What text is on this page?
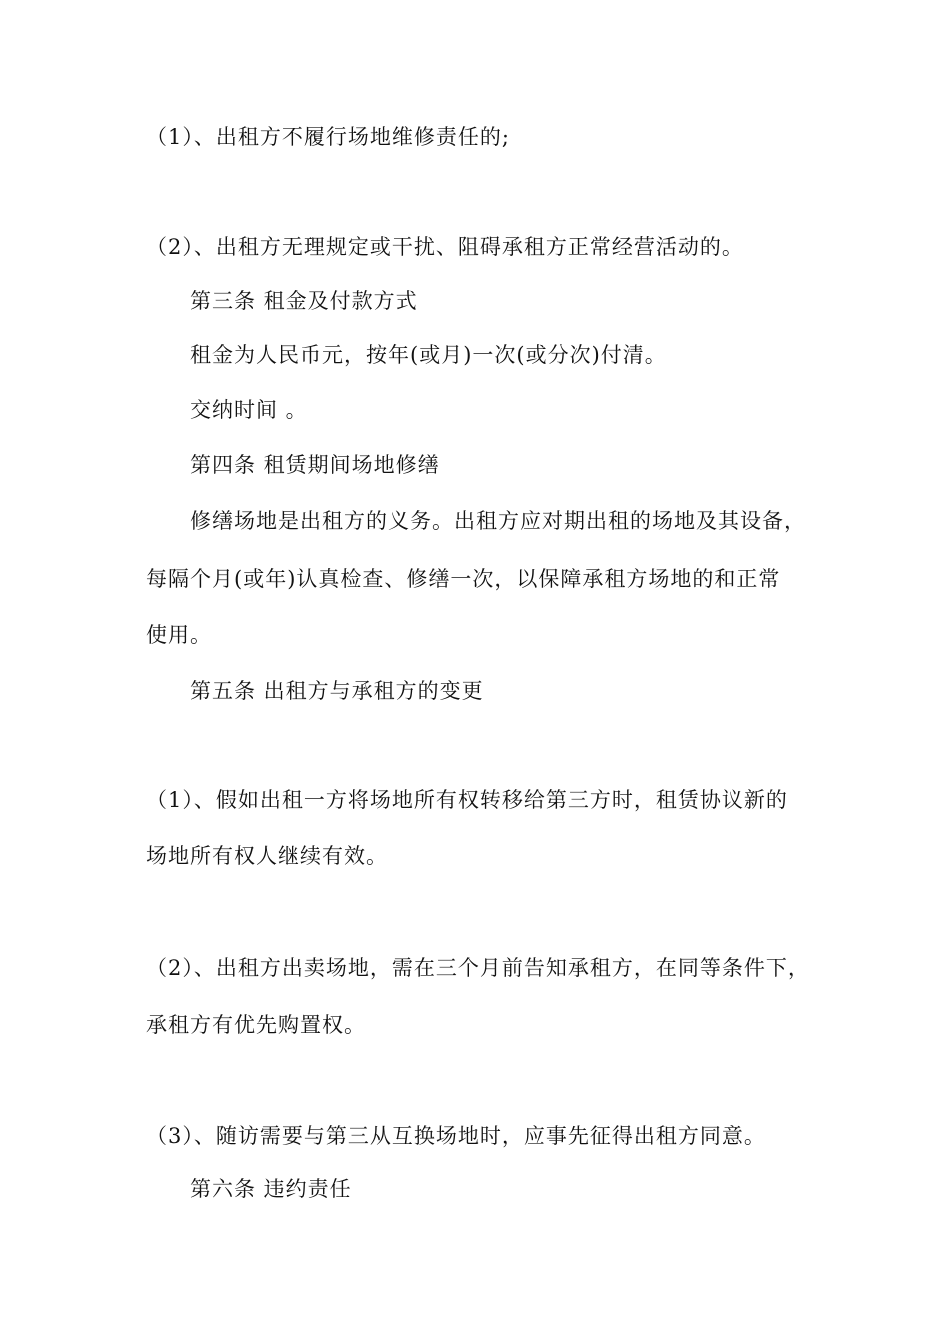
（1）、出租方不履行场地维修责任的;
（2）、出租方无理规定或干扰、阻碍承租方正常经营活动的。
第三条 租金及付款方式
租金为人民币元，按年(或月)一次(或分次)付清。
交纳时间 。
第四条 租赁期间场地修缮
修缮场地是出租方的义务。出租方应对期出租的场地及其设备，
每隔个月(或年)认真检查、修缮一次，以保障承租方场地的和正常
使用。
第五条 出租方与承租方的变更
（1）、假如出租一方将场地所有权转移给第三方时，租赁协议新的
场地所有权人继续有效。
（2）、出租方出卖场地，需在三个月前告知承租方，在同等条件下，
承租方有优先购置权。
（3）、随访需要与第三从互换场地时，应事先征得出租方同意。
第六条 违约责任
